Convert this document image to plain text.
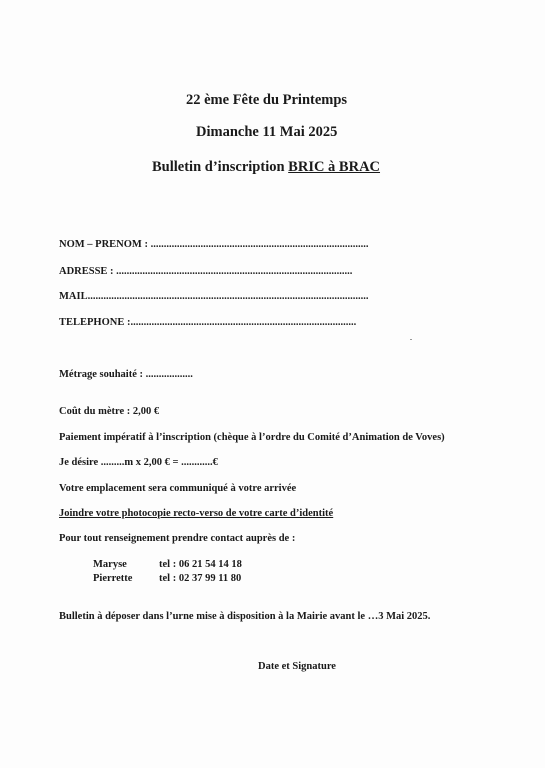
22 ème Fête du Printemps
Dimanche 11 Mai 2025
Bulletin d’inscription BRIC à BRAC
NOM – PRENOM : ...................................................................................
ADRESSE : ..........................................................................................
MAIL...........................................................................................................
TELEPHONE :......................................................................................
Métrage souhaité : ..................
Coût du mètre : 2,00 €
Paiement impératif à l’inscription (chèque à l’ordre du Comité d’Animation de Voves)
Je désire .........m x 2,00 € = ............€
Votre emplacement sera communiqué à votre arrivée
Joindre votre photocopie recto-verso de votre carte d’identité
Pour tout renseignement prendre contact auprès de :
Maryse	tel : 06 21 54 14 18
Pierrette	tel : 02 37 99 11 80
Bulletin à déposer dans l’urne mise à disposition à la Mairie avant le …3 Mai 2025.
Date et Signature
